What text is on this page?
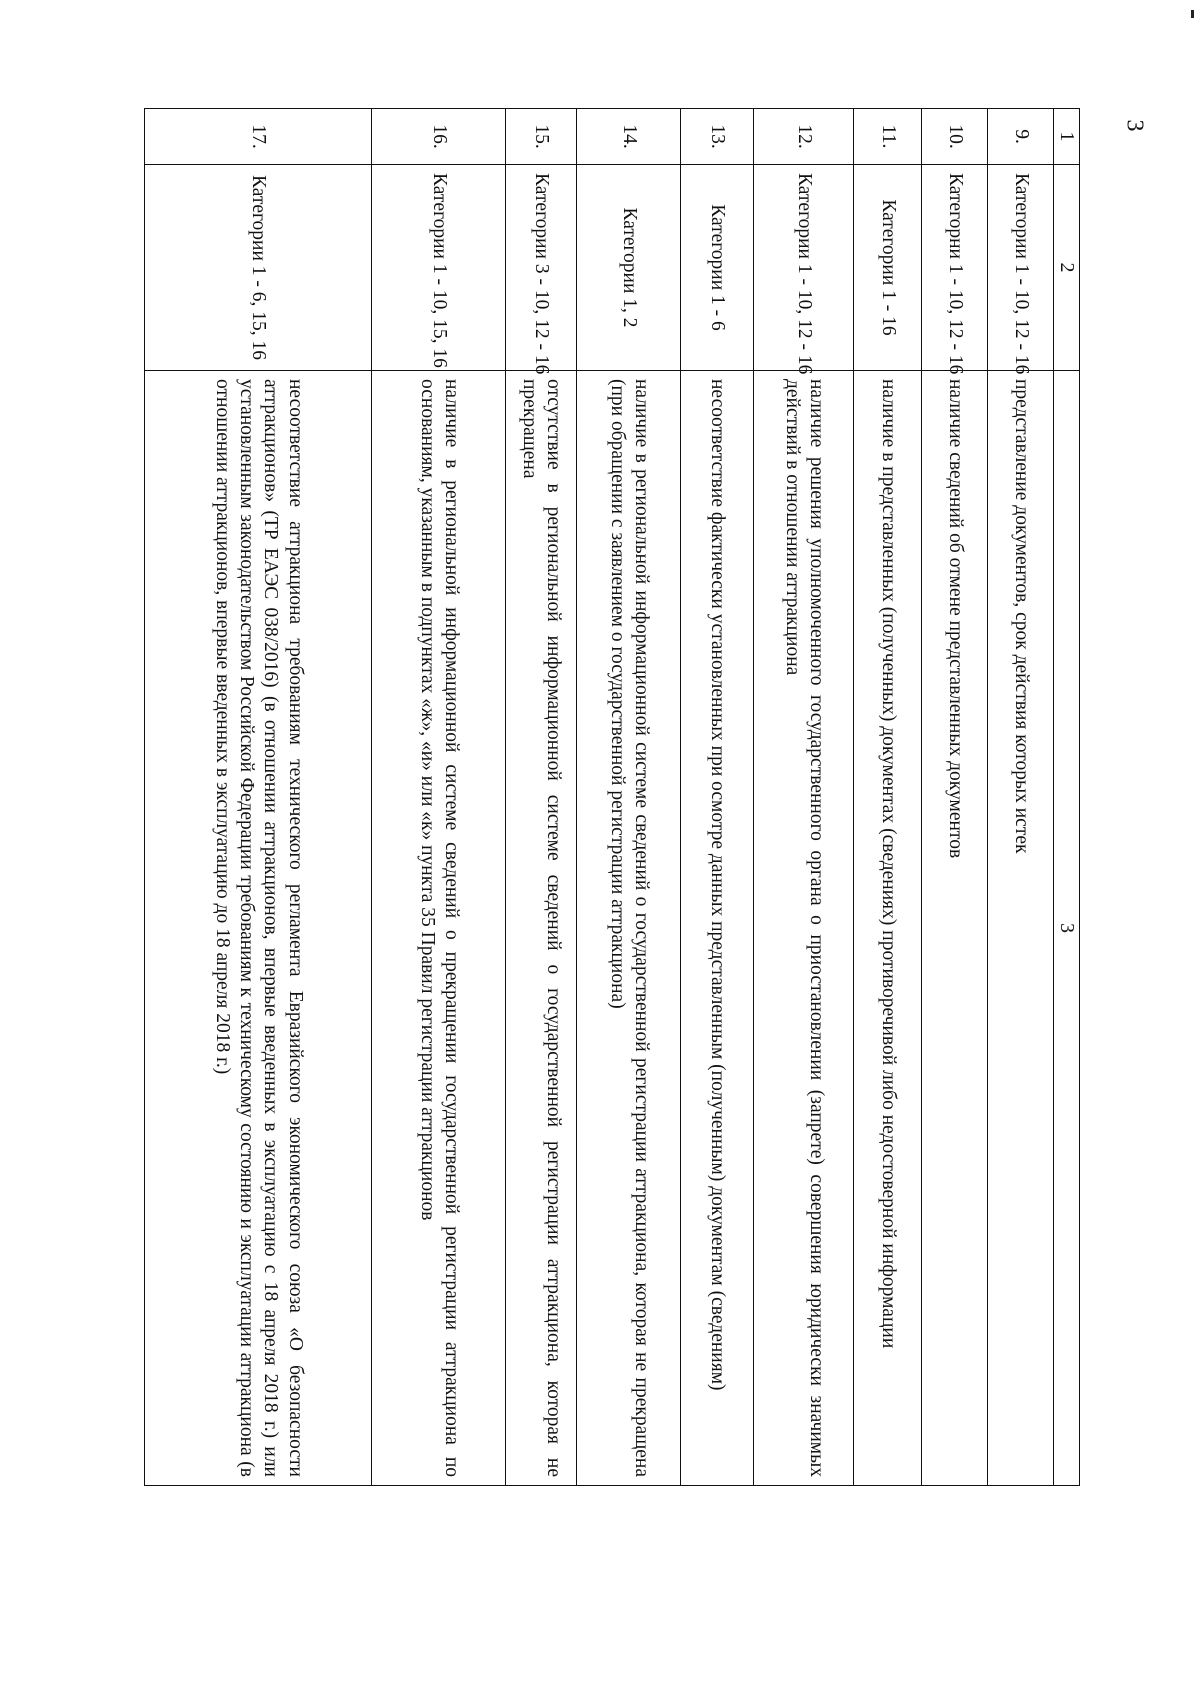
3
1	2	3
9.	Категории 1 - 10, 12 - 16	представление документов, срок действия которых истек
10.	Категорни 1 - 10, 12 - 16	наличие сведений об отмене представленных документов
11.	Категории 1 - 16	наличие в представленных (полученных) документах (сведениях) противоречивой либо недостоверной информации
12.	Категории 1 - 10, 12 - 16	наличие решения уполномоченного государственного органа о приостановлении (запрете) совершения юридически значимых действий в отношении аттракциона
13.	Категории 1 - 6	несоответствие фактически установленных при осмотре данных представленным (полученным) документам (сведениям)
14.	Категории 1, 2	наличие в региональной информационной системе сведений о государственной регистрации аттракциона, которая не прекращена (при обращении с заявлением о государственной регистрации аттракциона)
15.	Категории 3 - 10, 12 - 16	отсутствие в региональной информационной системе сведений о государственной регистрации аттракциона, которая не прекращена
16.	Категории 1 - 10, 15, 16	наличие в региональной информационной системе сведений о прекращении государственной регистрации аттракциона по основаниям, указанным в подпунктах «ж», «и» или «к» пункта 35 Правил регистрации аттракционов
17.	Категории 1 - 6, 15, 16	несоответствие аттракциона требованиям технического регламента Евразийского экономического союза «О безопасности аттракционов» (ТР ЕАЭС 038/2016) (в отношении аттракционов, впервые введенных в эксплуатацию с 18 апреля 2018 г.) или установленным законодательством Российской Федерации требованиям к техническому состоянию и эксплуатации аттракциона (в отношении аттракционов, впервые введенных в эксплуатацию до 18 апреля 2018 г.)
